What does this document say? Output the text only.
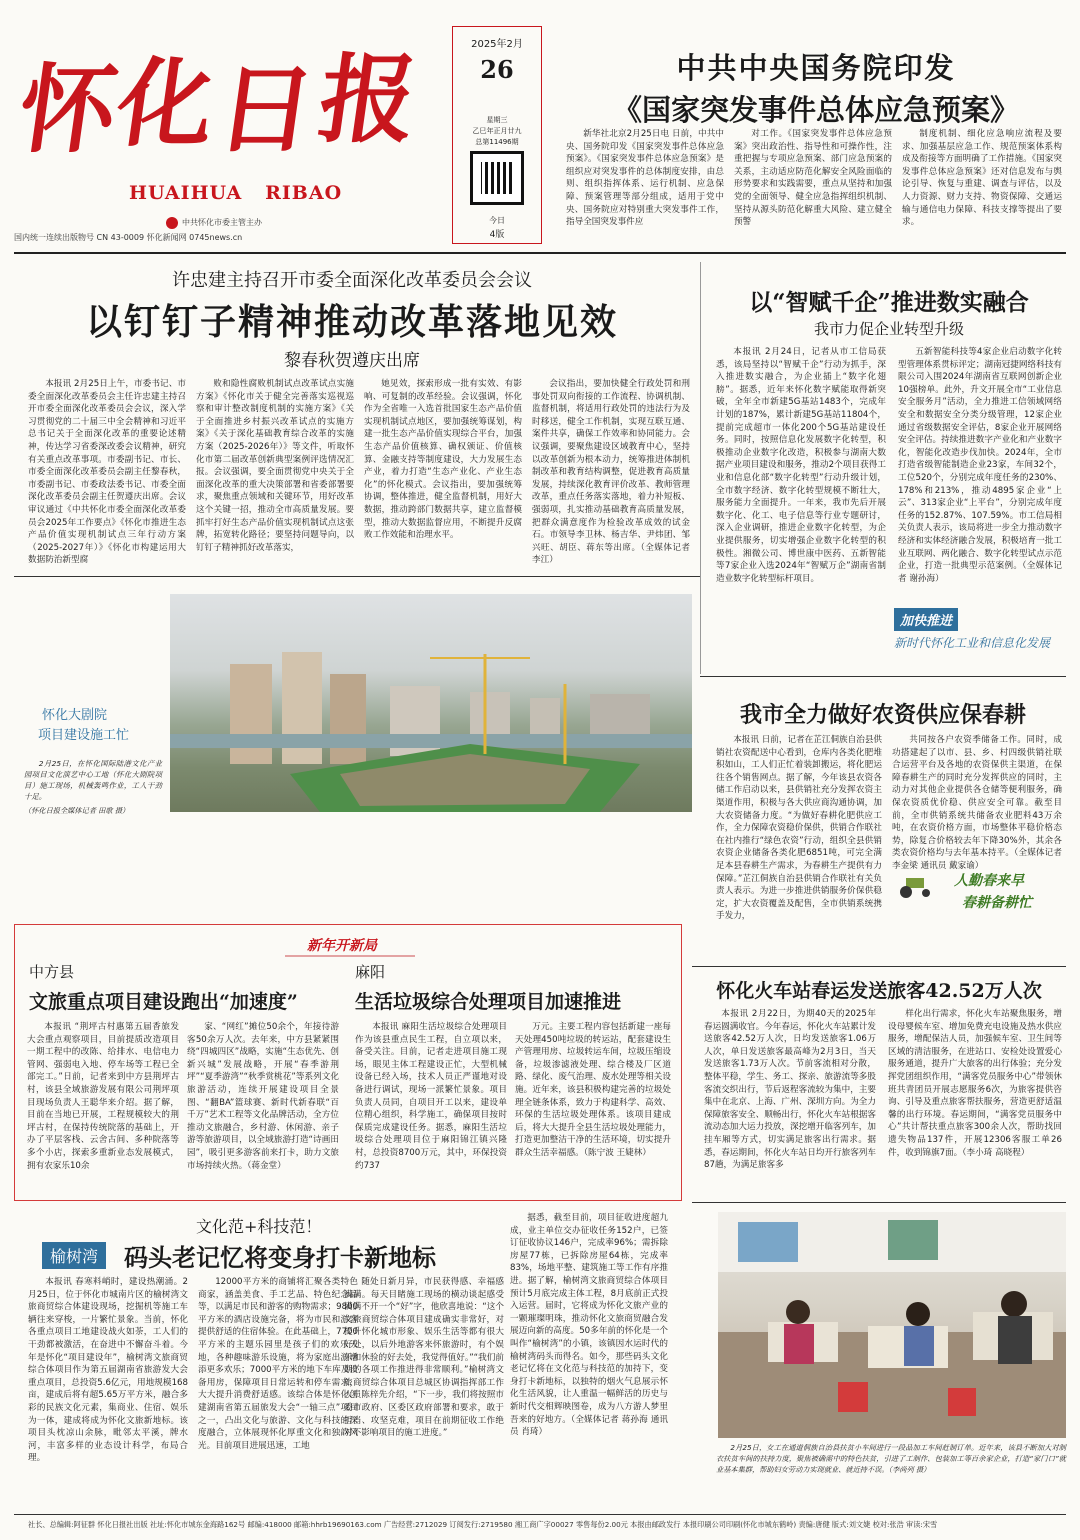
怀
化
日
报
HUAIHUA   RIBAO
中共怀化市委主管主办
国内统一连续出版物号 CN 43-0009 怀化新闻网 0745news.cn
2025年2月
26
星期三
乙巳年正月廿九
总第11496期
今日
4版
中共中央国务院印发
《国家突发事件总体应急预案》

新华社北京2月25日电 日前，中共中央、国务院印发《国家突发事件总体应急预案》。《国家突发事件总体应急预案》是组织应对突发事件的总体制度安排，由总则、组织指挥体系、运行机制、应急保障、预案管理等部分组成，适用于党中央、国务院应对特别重大突发事件工作，指导全国突发事件应

对工作。《国家突发事件总体应急预案》突出政治性、指导性和可操作性，注重把握与专项应急预案、部门应急预案的关系，主动适应防范化解安全风险面临的形势要求和实践需要，重点从坚持和加强党的全面领导、健全应急指挥组织机制、坚持从源头防范化解重大风险、建立健全预警

制度机制、细化应急响应流程及要求、加强基层应急工作、规范预案体系构成及衔接等方面明确了工作措施。《国家突发事件总体应急预案》还对信息发布与舆论引导、恢复与重建、调查与评估，以及人力资源、财力支持、物资保障、交通运输与通信电力保障、科技支撑等提出了要求。

许忠建主持召开市委全面深化改革委员会会议
以钉钉子精神推动改革落地见效
黎春秋贺遵庆出席

本报讯 2月25日上午，市委书记、市委全面深化改革委员会主任许忠建主持召开市委全面深化改革委员会会议，深入学习贯彻党的二十届三中全会精神和习近平总书记关于全面深化改革的重要论述精神，传达学习省委深改委会议精神，研究有关重点改革事项。市委副书记、市长、市委全面深化改革委员会副主任黎春秋，市委副书记、市委政法委书记、市委全面深化改革委员会副主任贺遵庆出席。会议审议通过《中共怀化市委全面深化改革委员会2025年工作要点》《怀化市推进生态产品价值实现机制试点三年行动方案（2025-2027年）》《怀化市构建运用大数据防治新型腐

败和隐性腐败机制试点改革试点实施方案》《怀化市关于健全完善落实巡视巡察和审计整改制度机制的实施方案》《关于全面推进乡村振兴改革试点的实施方案》《关于深化基础教育综合改革的实施方案（2025-2026年）》等文件，听取怀化市第二届改革创新典型案例评选情况汇报。会议强调，要全面贯彻党中央关于全面深化改革的重大决策部署和省委部署要求，聚焦重点领域和关键环节，用好改革这个关键一招，推动全市高质量发展。要抓牢打好生态产品价值实现机制试点这张牌，拓宽转化路径；要坚持问题导向，以钉钉子精神抓好改革落实，

她见效，探索形成一批有实效、有影响、可复制的改革经验。会议强调，怀化作为全省唯一入选首批国家生态产品价值实现机制试点地区，要加强统筹谋划，构建一批生态产品价值实现综合平台，加强生态产品价值核算、确权颁证、价值核算、金融支持等制度建设，大力发展生态产业，着力打造“生态产业化、产业生态化”的怀化模式。会议指出，要加强统筹协调，整体推进，健全监督机制，用好大数据，推动跨部门数据共享，建立监督模型，推动大数据监督应用，不断提升反腐败工作效能和治理水平。

会议指出，要加快健全行政处罚和刑事处罚双向衔接的工作流程、协调机制、监督机制，将适用行政处罚的违法行为及时移送，健全工作机制，实现互联互通、案件共享，确保工作效率和协同能力。会议强调，要聚焦建设区域教育中心，坚持以改革创新为根本动力，统筹推进体制机制改革和教育结构调整，促进教育高质量发展，持续深化教育评价改革、教师管理改革，重点任务落实落地，着力补短板、强弱项，扎实推动基础教育高质量发展，把群众满意度作为检验改革成效的试金石。市领导李卫林、杨吉华、尹炜团、邹兴旺、胡臣、蒋东等出席。（全媒体记者 李江）

以“智赋千企”推进数实融合
我市力促企业转型升级

本报讯 2月24日，记者从市工信局获悉，该局坚持以“智赋千企”行动为抓手，深入推进数实融合，为企业插上“数字化翅膀”。据悉，近年来怀化数字赋能取得新突破，全年全市新建5G基站1483个，完成年计划的187%，累计新建5G基站11804个，提前完成超市一体化200个5G基站建设任务。同时，按照信息化发展数字化转型，积极推动企业数字化改造，积极参与湖南大数据产业项目建设和服务，推动2个项目获得工业和信息化部“数字化转型”行动升级计划，全市数字经济、数字化转型规模不断壮大，服务能力全面提升。一年来，我市先后开展数字化、化工、电子信息等行业专题研讨，深入企业调研，推进企业数字化转型，为企业提供服务，切实增强企业数字化转型的积极性。湘微公司、博世康中医药、五新智能等7家企业入选2024年“智赋万企”湖南省制造业数字化转型标杆项目。

五新智能科技等4家企业启动数字化转型管理体系贯标评定；湖南冠捷网络科技有限公司入围2024年湖南省互联网创新企业10强榜单。此外，升文开展全市“工业信息安全服务月”活动，全力推进工信领域网络安全和数据安全分类分级管理，12家企业通过省级数据安全评估，8家企业开展网络安全评估。持续推进数字产业化和产业数字化，智能化改造步伐加快。2024年，全市打造省级智能制造企业23家，车间32个，工位520个，分别完成年度任务的230%、178%和213%，推动4895家企业“上云”、313家企业“上平台”，分别完成年度任务的152.87%、107.59%。市工信局相关负责人表示，该局将进一步全力推动数字经济和实体经济融合发展，积极培育一批工业互联网、两化融合、数字化转型试点示范企业，打造一批典型示范案例。（全媒体记者 谢孙海）

加快推进
新时代怀化工业和信息化发展
怀化大剧院
项目建设施工忙

2月25日，在怀化国际陆港文化产业园项目文化演艺中心工地（怀化大剧院项目）施工现场，机械轰鸣作业，工人干劲十足。

（怀化日报全媒体记者 田歌 摄）
我市全力做好农资供应保春耕

本报讯 日前，记者在芷江侗族自治县供销社农资配送中心看到，仓库内各类化肥堆积如山，工人们正忙着装卸搬运，将化肥运往各个销售网点。据了解，今年该县农资各储工作启动以来，县供销社充分发挥农资主渠道作用，积极与各大供应商沟通协调，加大农资储备力度。“为做好春耕化肥供应工作，全力保障农资稳价保供，供销合作联社在社内推行“绿色农资”行动，组织全县供销农资企业储备各类化肥6851吨，可完全满足本县春耕生产需求，为春耕生产提供有力保障。”芷江侗族自治县供销合作联社有关负责人表示。为进一步推进供销服务价保供稳定，扩大农资覆盖及配售，全市供销系统携手发力，

共同按各户农资季储备工作。同时，成功搭建起了以市、县、乡、村四级供销社联合运营平台及各地的农资保供主渠道，在保障春耕生产的同时充分发挥供应的同时，主动力对其他企业提供各仓储等便利服务，确保农资质优价稳、供应安全可靠。截至目前，全市供销系统共储备农业肥料43万余吨，在农资价格方面，市场整体平稳价格态势，除复合价格较去年下降30%外，其余各类农资价格均与去年基本持平。（全媒体记者 李金梁 通讯员 戴家谕）

人勤春来早
春耕备耕忙
新年开新局
中方县
文旅重点项目建设跑出“加速度”

本报讯 “荆坪古村惠第五届香旅发大会重点观察项目，目前提质改造项目一期工程中的改陈、给排水、电信电力管网、强弱电入地、停车场等工程已全部完工。”日前，记者来到中方县荆坪古村，该县全域旅游发展有限公司荆坪项目现场负责人王聪华来介绍。据了解，目前在当地已开展，工程规模较大的荆坪古村，在保持传统院落的基础上，开办了平层客栈、云舍古间、多种院落等多个小店，探索多重新业态发展模式，拥有农家乐10余

家、“网红”摊位50余个，年接待游客50余万人次。去年来，中方县紧紧围绕“四城四区”战略，实施“生态优先、创新兴城”发展战略，开展“春季游荆坪”“夏季游湾”“秋季赏桃花”等系列文化旅游活动，连续开展建设项目全景图、“翻BA”篮球赛、新时代新春联“百千万”艺术工程等文化品牌活动，全方位推动文旅融合，乡村游、休闲游、亲子游等旅游项目，以全域旅游打造“诗画田园”，吸引更多游客前来打卡，助力文旅市场持续火热。（蒋金堂）

麻阳
生活垃圾综合处理项目加速推进

本报讯 麻阳生活垃圾综合处理项目作为该县重点民生工程，自立项以来，备受关注。目前，记者走进项目施工现场，眼见主体工程建设正忙，大型机械设备已经入场，技术人员正严谨地对设备进行调试，现场一派繁忙景象。项目负责人员同，自项目开工以来，建设单位精心组织，科学施工，确保项目按时保质完成建设任务。据悉，麻阳生活垃圾综合处理项目位于麻阳锦江镇兴隆村，总投资8700万元，其中，环保投资约737

万元。主要工程内容包括新建一座每天处理450吨垃圾的转运站，配套建设生产管理用房、垃圾转运车间，垃圾压缩设备，垃圾渗滤液处理、综合楼及厂区道路、绿化、废气治理、废水处理等相关设施。近年来，该县积极构建完善的垃圾处理全链条体系，致力于构建科学、高效、环保的生活垃圾处理体系。该项目建成后，将大大提升全县生活垃圾处理能力，打造更加整洁干净的生活环境，切实提升群众生活幸福感。（陈宁波 王婕林）

怀化火车站春运发送旅客42.52万人次

本报讯 2月22日，为期40天的2025年春运圆满收官。今年春运，怀化火车站累计发送旅客42.52万人次，日均发送旅客1.06万人次，单日发送旅客最高峰为2月3日，当天发送旅客1.73万人次。节前客流相对分散，整体平稳，学生、务工、探亲、旅游流等多股客流交织出行，节后返程客流较为集中，主要集中在北京、上海、广州、深圳方向。为全力保障旅客安全、顺畅出行，怀化火车站根据客流动态加大运力投放，深挖增开临客列车，加挂车厢等方式，切实满足旅客出行需求。据悉，春运期间，怀化火车站日均开行旅客列车87趟，为满足旅客多

样化出行需求，怀化火车站聚焦服务，增设母婴候车室、增加免费充电设施及热水供应服务，增配保洁人员，加强候车室、卫生间等区域的清洁服务，在进站口、安检处设置爱心服务通道，提升广大旅客的出行体验；充分发挥党团组织作用，“满客党员服务中心”带领休班共青团员开展志愿服务6次，为旅客提供咨询、引导及重点旅客帮扶服务，营造更舒适温馨的出行环境。春运期间，“满客党员服务中心”共计帮扶重点旅客300余人次，帮助找回遗失物品137件，开展12306客服工单26件，收到锦旗7面。（李小琦 高晓程）

文化范+科技范！
榆树湾	码头老记忆将变身打卡新地标

本报讯 春寒料峭时，建设热潮涌。2月25日，位于怀化市城南片区的榆树湾文旅商贸综合体建设现场，挖掘机等施工车辆往来穿梭，一片繁忙景象。当前，怀化各重点项目工地建设战火如荼，工人们的干劲都被激活，在奋进中不懈奋斗着。今年是怀化“项目建设年”，榆树湾文旅商贸综合体项目作为第五届湖南省旅游发大会重点项目，总投资5.6亿元，用地规模168亩，建成后将有超5.65万平方米，融合多彩的民族文化元素，集商业、住宿、娱乐为一体，建成将成为怀化文旅新地标。该项目头枕凉山余脉，毗邻太平溪，牌水河，丰富多样的业态设计科学，布局合理。

12000平方米的商铺将汇聚各类特色商家，涵盖美食、手工艺品、特色纪念品等，以满足市民和游客的购物需求；9800平方米的酒店设施完备，将为市民和游客提供舒适的住宿体验。在此基础上，7700平方米的主题乐园里是孩子们的欢乐天地，各种趣味游乐设施，将为家庭出游增添更多欢乐；7000平方米的地下车库及设备用房，保障项目日常运转和停车需求，大大提升消费舒适感。该综合体是怀化创建湖南省第五届旅发大会“一轴三点”项目之一，凸出文化与旅游、文化与科技的深度融合，立体展现怀化厚重文化和独韵风光。目前项目进展迅速，工地

随处日新月异，市民获得感、幸福感满满。每天目睹施工现场的横动谈起感受满满不开一个“好”字，他欣喜地说：“这个文旅商贸综合体项目建成确实非常好，对提升怀化城市形象、娱乐生活等都有很大好处，以后外地游客来怀旅游时，有个娱乐和休验的好去处，我觉得值好。”“我们前期的各项工作推进得非常顺利。”榆树湾文旅商贸综合体项目总城区协调指挥部工作人员陈梓先介绍，“下一步，我们将按照市委市政府、区委区政府部署和要求，敢于担当、攻坚克难，项目在前期征收工作绝对不影响项目的施工进度。”

据悉，截至目前，项目征收进度超九成，业主单位交办征收任务152户，已签订征收协议146户，完成率96%；需拆除房屋77栋，已拆除房屋64栋，完成率83%，场地平整、建筑施工等工作有序推进。据了解，榆树湾文旅商贸综合体项目预计5月底完成主体工程，8月底前正式投入运营。届时，它将成为怀化文旅产业的一颗璀璨明珠，推动怀化文旅商贸融合发展迈向新的高度。50多年前的怀化是一个叫作“榆树湾”的小镇，该镇因水运时代的榆树湾码头而得名。如今，那些码头文化老记忆将在文化范与科技范的加持下，变身打卡新地标，以独特的烟火气息展示怀化生活风貌，让人重温一幅鲜活的历史与新时代交相辉映图卷，成为八方游人梦里吾来的好地方。（全媒体记者 蒋孙海 通讯员 肖琦）

2月25日，女工在通道侗族自治县扶贫小车间进行一段品加工车间赶制订单。近年来，该县不断加大对制衣扶贫车间的扶持力度，聚焦被确需中的特色扶贫，引进了工制作、包装加工等百余家企业，打造“家门口”就业基本集群，帮助妇女劳动力实现就业、就近持不误。（李尚列 摄）

社长、总编辑:阿征群 怀化日报社出版 社址:怀化市城东金海路162号 邮编:418000 邮箱:hhrb19690163.com 广告经营:2712029 订阅发行:2719580 湘工商广字00027 零售每份2.00元 本报由邮政发行 本报印刷公司印刷(怀化市城东鹤岭) 责编:唐健 版式:刘文婕 校对:张浩 审读:宋雪
